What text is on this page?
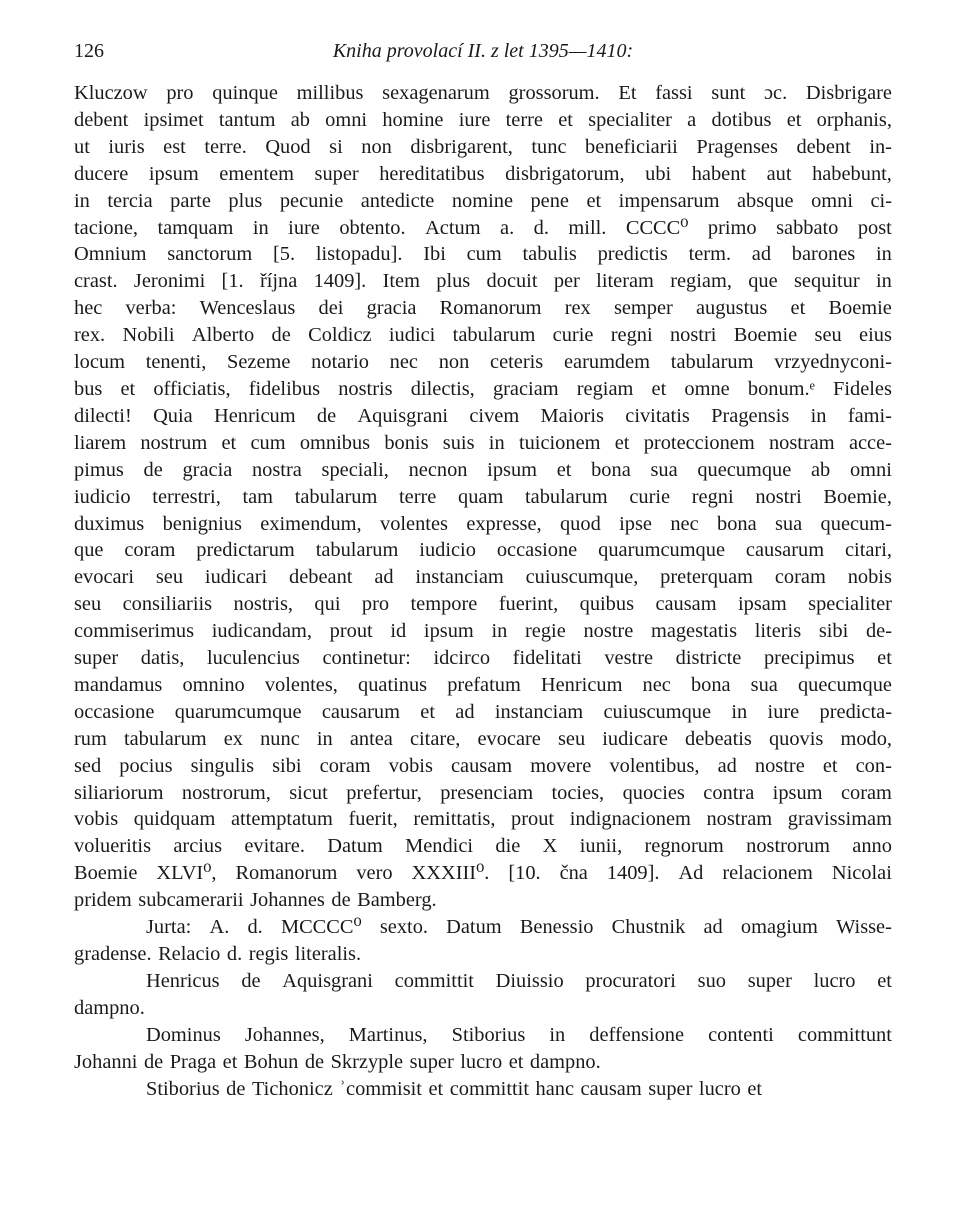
126	Kniha provolací II. z let 1395—1410:
Kluczow pro quinque millibus sexagenarum grossorum. Et fassi sunt ɔc. Disbrigare
debent ipsimet tantum ab omni homine iure terre et specialiter a dotibus et orphanis,
ut iuris est terre. Quod si non disbrigarent, tunc beneficiarii Pragenses debent in-
ducere ipsum ementem super hereditatibus disbrigatorum, ubi habent aut habebunt,
in tercia parte plus pecunie antedicte nomine pene et impensarum absque omni ci-
tacione, tamquam in iure obtento. Actum a. d. mill. CCCC⁰ primo sabbato post
Omnium sanctorum [5. listopadu]. Ibi cum tabulis predictis term. ad barones in
crast. Jeronimi [1. října 1409]. Item plus docuit per literam regiam, que sequitur in
hec verba: Wenceslaus dei gracia Romanorum rex semper augustus et Boemie
rex. Nobili Alberto de Coldicz iudici tabularum curie regni nostri Boemie seu eius
locum tenenti, Sezeme notario nec non ceteris earumdem tabularum vrzyednyconi-
bus et officiatis, fidelibus nostris dilectis, graciam regiam et omne bonum.ᵉ Fideles
dilecti! Quia Henricum de Aquisgrani civem Maioris civitatis Pragensis in fami-
liarem nostrum et cum omnibus bonis suis in tuicionem et proteccionem nostram acce-
pimus de gracia nostra speciali, necnon ipsum et bona sua quecumque ab omni
iudicio terrestri, tam tabularum terre quam tabularum curie regni nostri Boemie,
duximus benignius eximendum, volentes expresse, quod ipse nec bona sua quecum-
que coram predictarum tabularum iudicio occasione quarumcumque causarum citari,
evocari seu iudicari debeant ad instanciam cuiuscumque, preterquam coram nobis
seu consiliariis nostris, qui pro tempore fuerint, quibus causam ipsam specialiter
commiserimus iudicandam, prout id ipsum in regie nostre magestatis literis sibi de-
super datis, luculencius continetur: idcirco fidelitati vestre districte precipimus et
mandamus omnino volentes, quatinus prefatum Henricum nec bona sua quecumque
occasione quarumcumque causarum et ad instanciam cuiuscumque in iure predicta-
rum tabularum ex nunc in antea citare, evocare seu iudicare debeatis quovis modo,
sed pocius singulis sibi coram vobis causam movere volentibus, ad nostre et con-
siliariorum nostrorum, sicut prefertur, presenciam tocies, quocies contra ipsum coram
vobis quidquam attemptatum fuerit, remittatis, prout indignacionem nostram gravissimam
volueritis arcius evitare. Datum Mendici die X iunii, regnorum nostrorum anno
Boemie XLVI⁰, Romanorum vero XXXIII⁰. [10. čna 1409]. Ad relacionem Nicolai
pridem subcamerarii Johannes de Bamberg.
Jurta: A. d. MCCCC⁰ sexto. Datum Benessio Chustnik ad omagium Wisse-
gradense. Relacio d. regis literalis.
Henricus de Aquisgrani committit Diuissio procuratori suo super lucro et
dampno.
Dominus Johannes, Martinus, Stiborius in deffensione contenti committunt
Johanni de Praga et Bohun de Skrzyple super lucro et dampno.
Stiborius de Tichonicz ʾcommisit et committit hanc causam super lucro et
